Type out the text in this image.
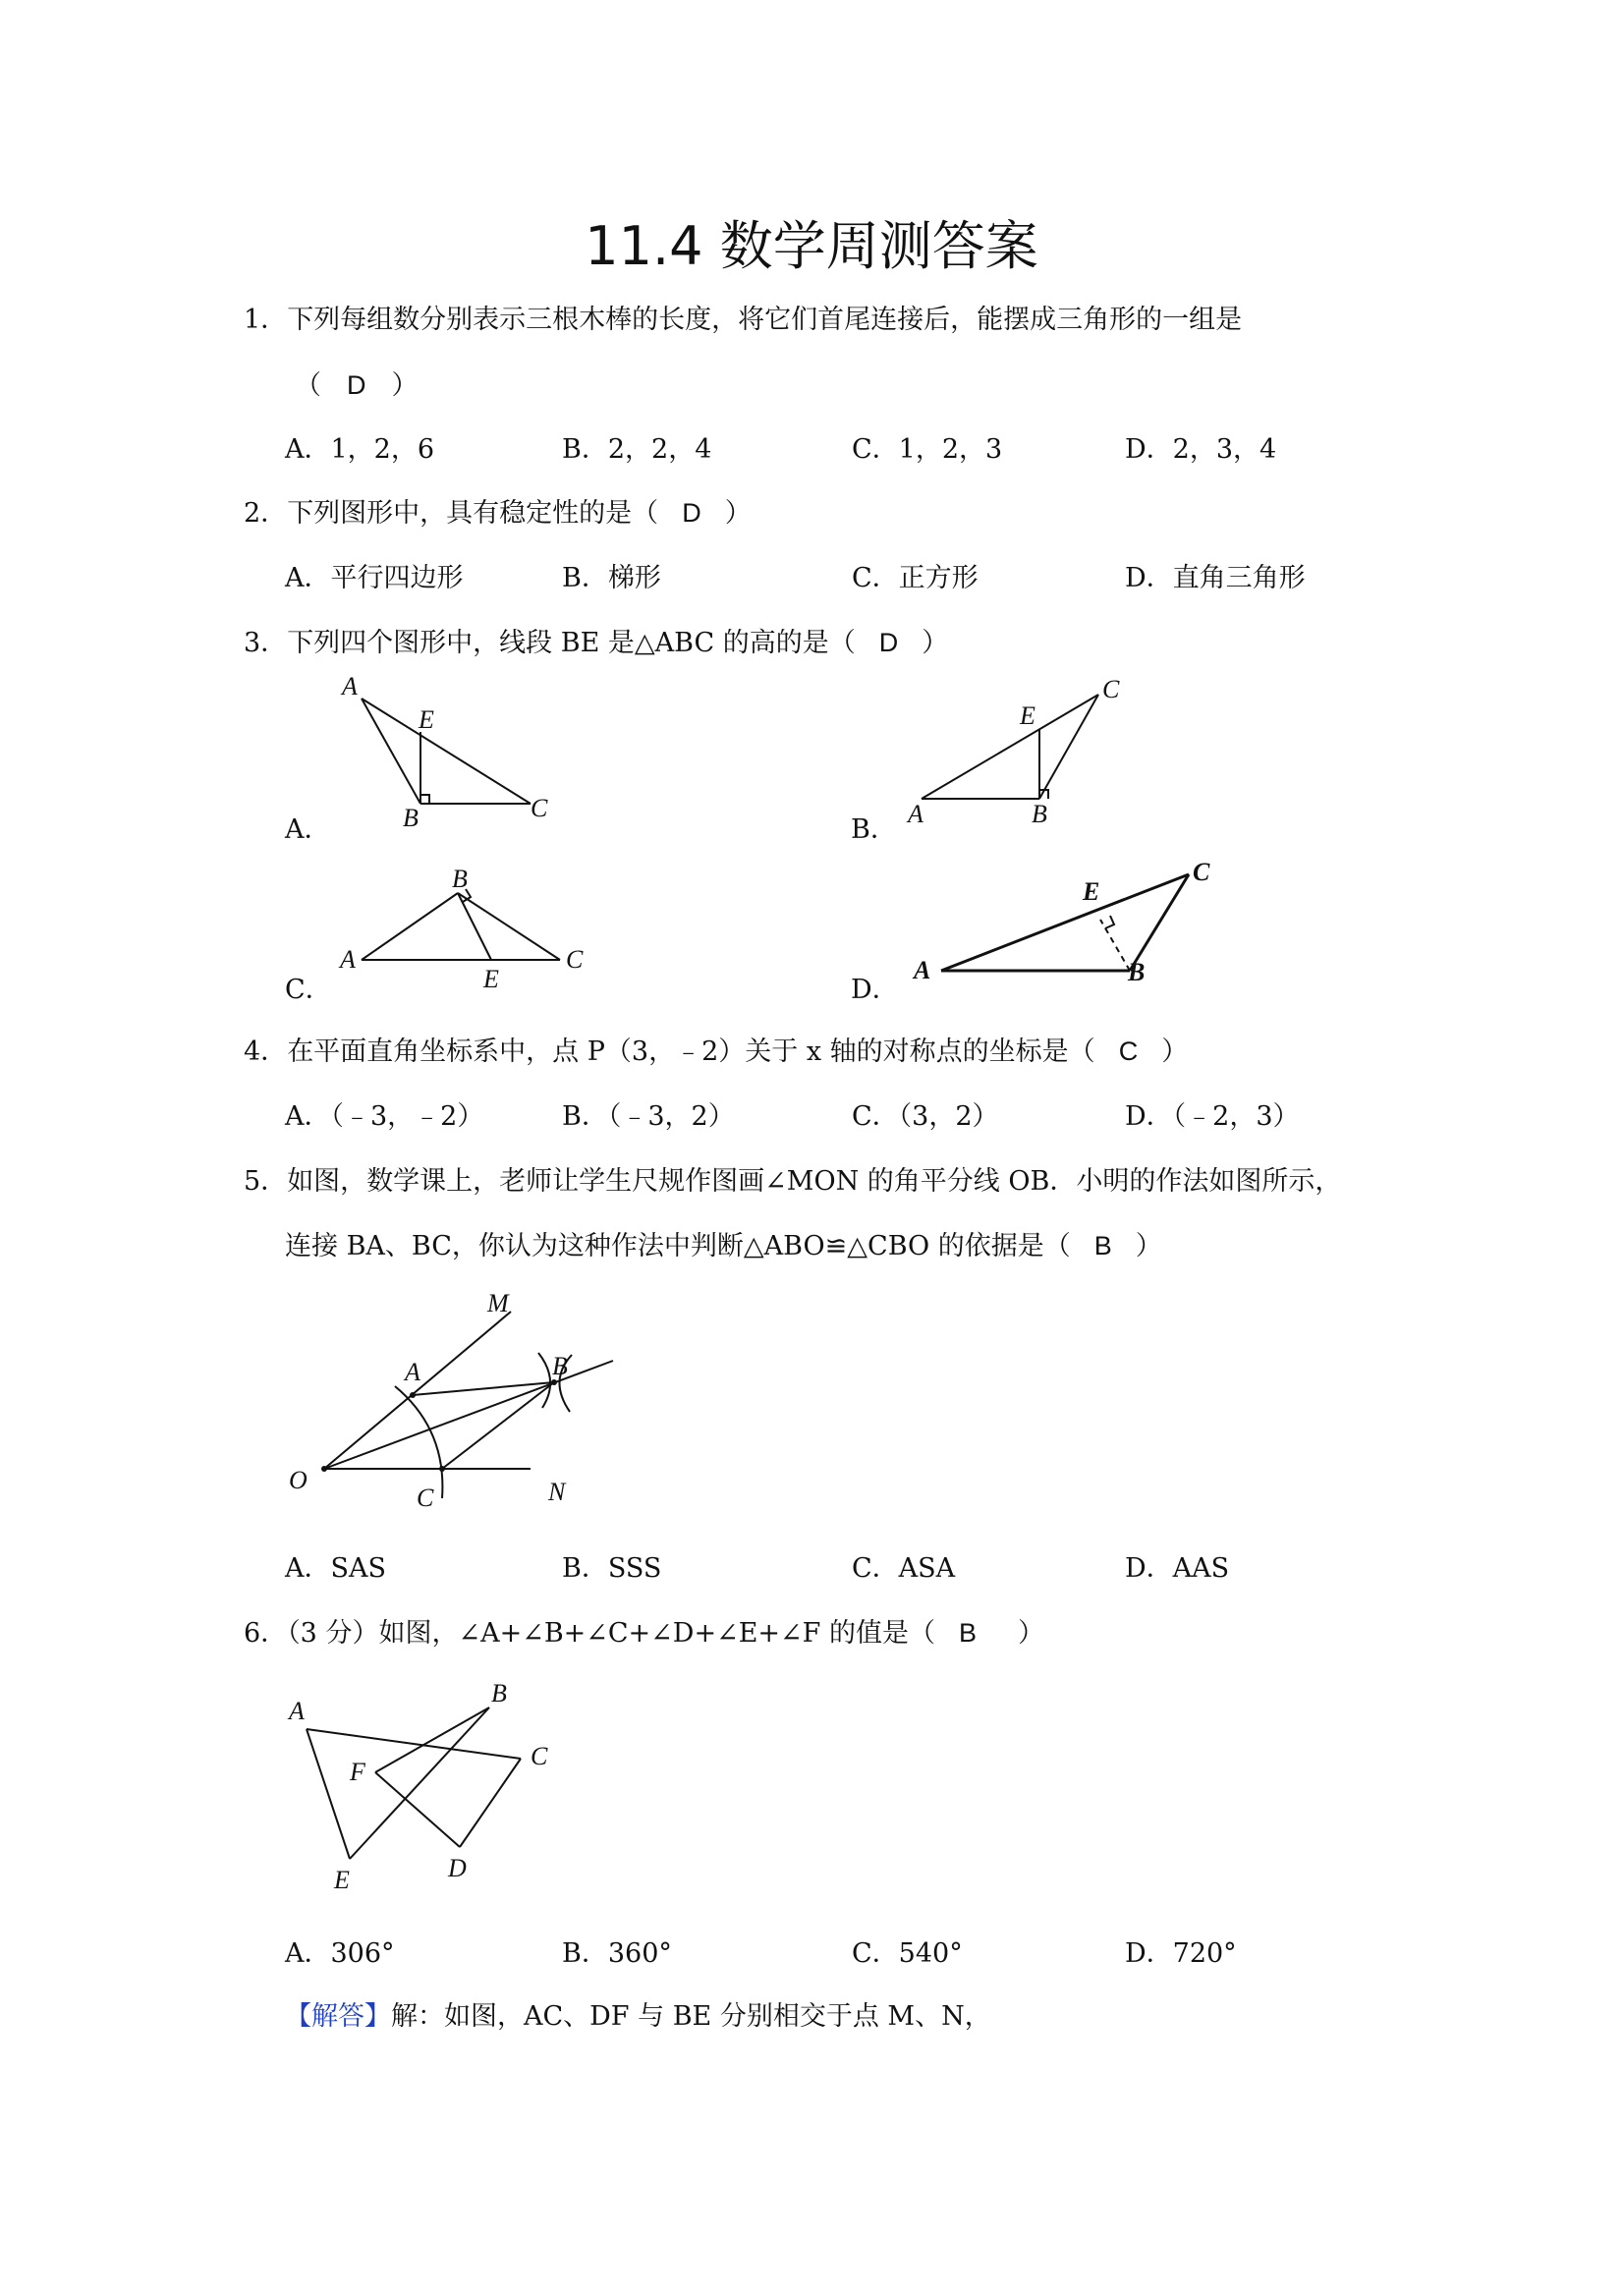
11.4 数学周测答案
1．下列每组数分别表示三根木棒的长度，将它们首尾连接后，能摆成三角形的一组是
（ D ）
A．1，2，6	B．2，2，4	C．1，2，3	D．2，3，4
2．下列图形中，具有稳定性的是（ D ）
A．平行四边形	B．梯形	C．正方形	D．直角三角形
3．下列四个图形中，线段 BE 是△ABC 的高的是（ D ）
A．	B．
C．	D．
A
E
B	C
C
E
A	B
B
A
E
C
E
C
A	B
4．在平面直角坐标系中，点 P（3，﹣2）关于 x 轴的对称点的坐标是（ C ）
A．（﹣3，﹣2）	B．（﹣3，2）	C．（3，2）	D．（﹣2，3）
5．如图，数学课上，老师让学生尺规作图画∠MON 的角平分线 OB．小明的作法如图所示，
连接 BA、BC，你认为这种作法中判断△ABO≌△CBO 的依据是（ B ）
M
A	B
O
C	N
A．SAS	B．SSS	C．ASA	D．AAS
6．（3 分）如图，∠A+∠B+∠C+∠D+∠E+∠F 的值是（ B ）
B
A
C
F
E	D
A．306°	B．360°	C．540°	D．720°
【解答】解：如图，AC、DF 与 BE 分别相交于点 M、N，
